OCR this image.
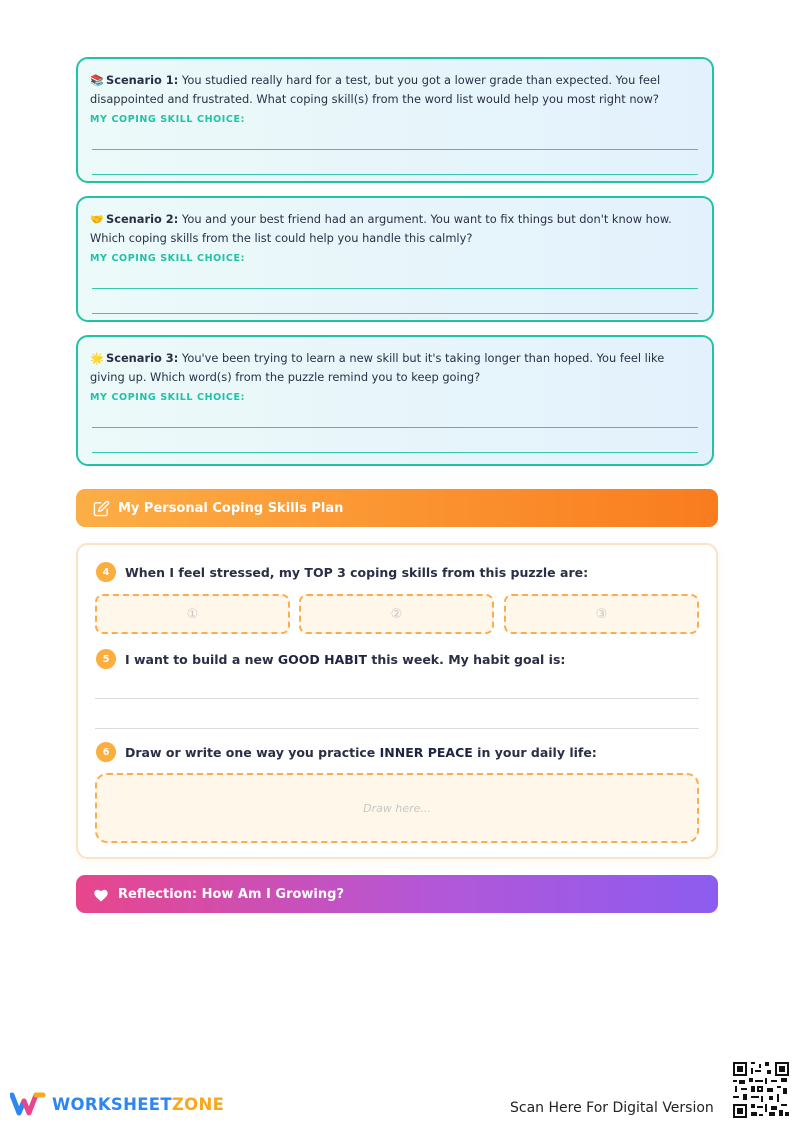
📚 Scenario 1: You studied really hard for a test, but you got a lower grade than expected. You feel disappointed and frustrated. What coping skill(s) from the word list would help you most right now?

MY COPING SKILL CHOICE:

🤝 Scenario 2: You and your best friend had an argument. You want to fix things but don't know how. Which coping skills from the list could help you handle this calmly?

MY COPING SKILL CHOICE:

🌟 Scenario 3: You've been trying to learn a new skill but it's taking longer than hoped. You feel like giving up. Which word(s) from the puzzle remind you to keep going?

MY COPING SKILL CHOICE:
My Personal Coping Skills Plan
4	When I feel stressed, my TOP 3 coping skills from this puzzle are:
①	②	③
5	I want to build a new GOOD HABIT this week. My habit goal is:
6	Draw or write one way you practice INNER PEACE in your daily life:
Draw here...
Reflection: How Am I Growing?
WORKSHEETZONE	Scan Here For Digital Version
